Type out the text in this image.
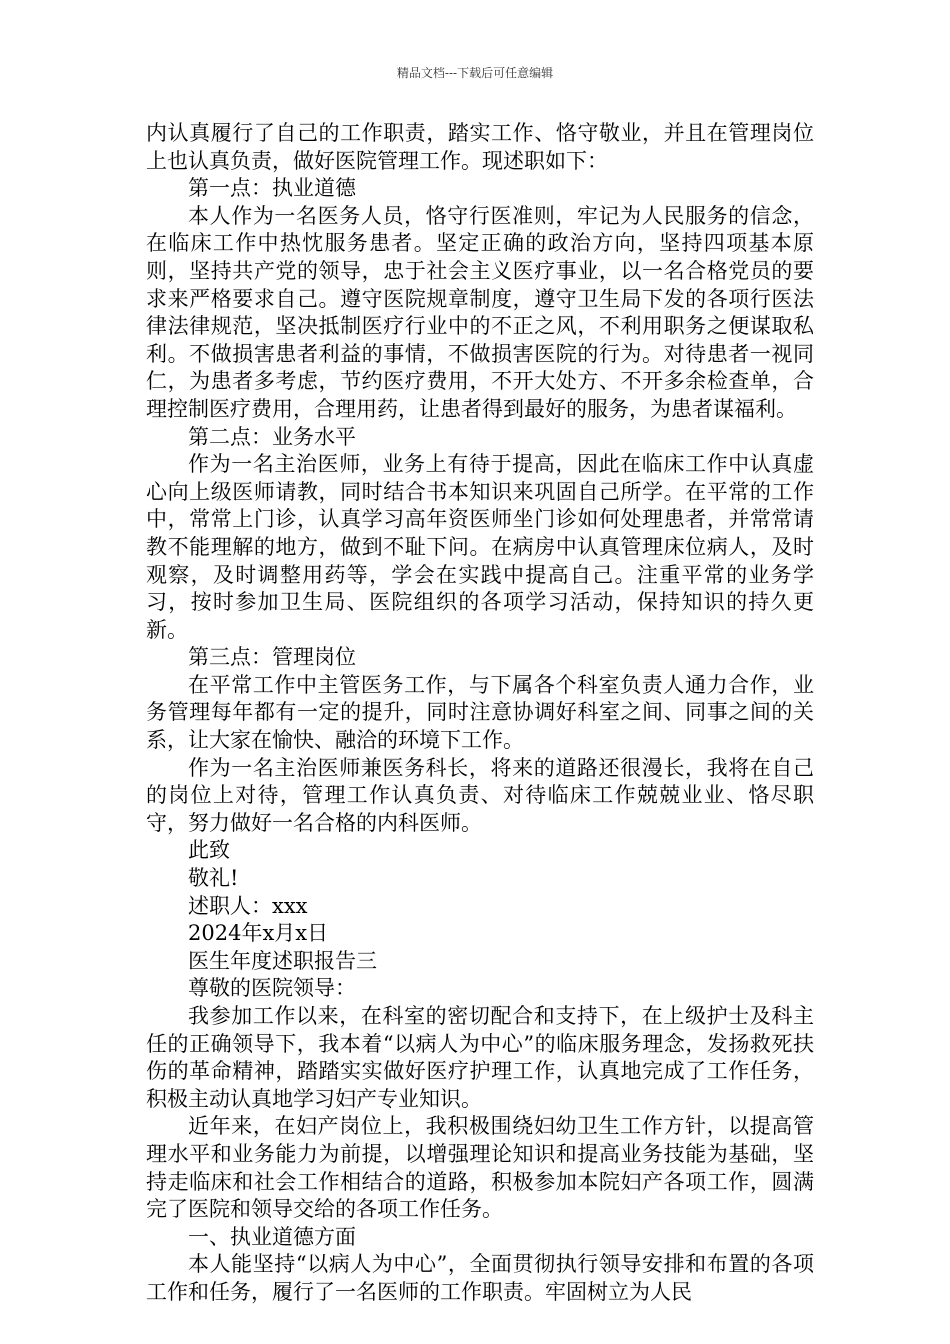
精品文档---下载后可任意编辑

内认真履行了自己的工作职责，踏实工作、恪守敬业，并且在管理岗位上也认真负责，做好医院管理工作。现述职如下：

第一点：执业道德

本人作为一名医务人员，恪守行医准则，牢记为人民服务的信念，在临床工作中热忱服务患者。坚定正确的政治方向，坚持四项基本原则，坚持共产党的领导，忠于社会主义医疗事业，以一名合格党员的要求来严格要求自己。遵守医院规章制度，遵守卫生局下发的各项行医法律法律规范，坚决抵制医疗行业中的不正之风，不利用职务之便谋取私利。不做损害患者利益的事情，不做损害医院的行为。对待患者一视同仁，为患者多考虑，节约医疗费用，不开大处方、不开多余检查单，合理控制医疗费用，合理用药，让患者得到最好的服务，为患者谋福利。

第二点：业务水平

作为一名主治医师，业务上有待于提高，因此在临床工作中认真虚心向上级医师请教，同时结合书本知识来巩固自己所学。在平常的工作中，常常上门诊，认真学习高年资医师坐门诊如何处理患者，并常常请教不能理解的地方，做到不耻下问。在病房中认真管理床位病人，及时观察，及时调整用药等，学会在实践中提高自己。注重平常的业务学习，按时参加卫生局、医院组织的各项学习活动，保持知识的持久更新。

第三点：管理岗位

在平常工作中主管医务工作，与下属各个科室负责人通力合作，业务管理每年都有一定的提升，同时注意协调好科室之间、同事之间的关系，让大家在愉快、融洽的环境下工作。

作为一名主治医师兼医务科长，将来的道路还很漫长，我将在自己的岗位上对待，管理工作认真负责、对待临床工作兢兢业业、恪尽职守，努力做好一名合格的内科医师。

此致

敬礼!

述职人：xxx

2024年x月x日

医生年度述职报告三

尊敬的医院领导：

我参加工作以来，在科室的密切配合和支持下，在上级护士及科主任的正确领导下，我本着“以病人为中心”的临床服务理念，发扬救死扶伤的革命精神，踏踏实实做好医疗护理工作，认真地完成了工作任务，积极主动认真地学习妇产专业知识。

近年来，在妇产岗位上，我积极围绕妇幼卫生工作方针，以提高管理水平和业务能力为前提，以增强理论知识和提高业务技能为基础，坚持走临床和社会工作相结合的道路，积极参加本院妇产各项工作，圆满完了医院和领导交给的各项工作任务。

一、执业道德方面

本人能坚持“以病人为中心”，全面贯彻执行领导安排和布置的各项工作和任务，履行了一名医师的工作职责。牢固树立为人民
